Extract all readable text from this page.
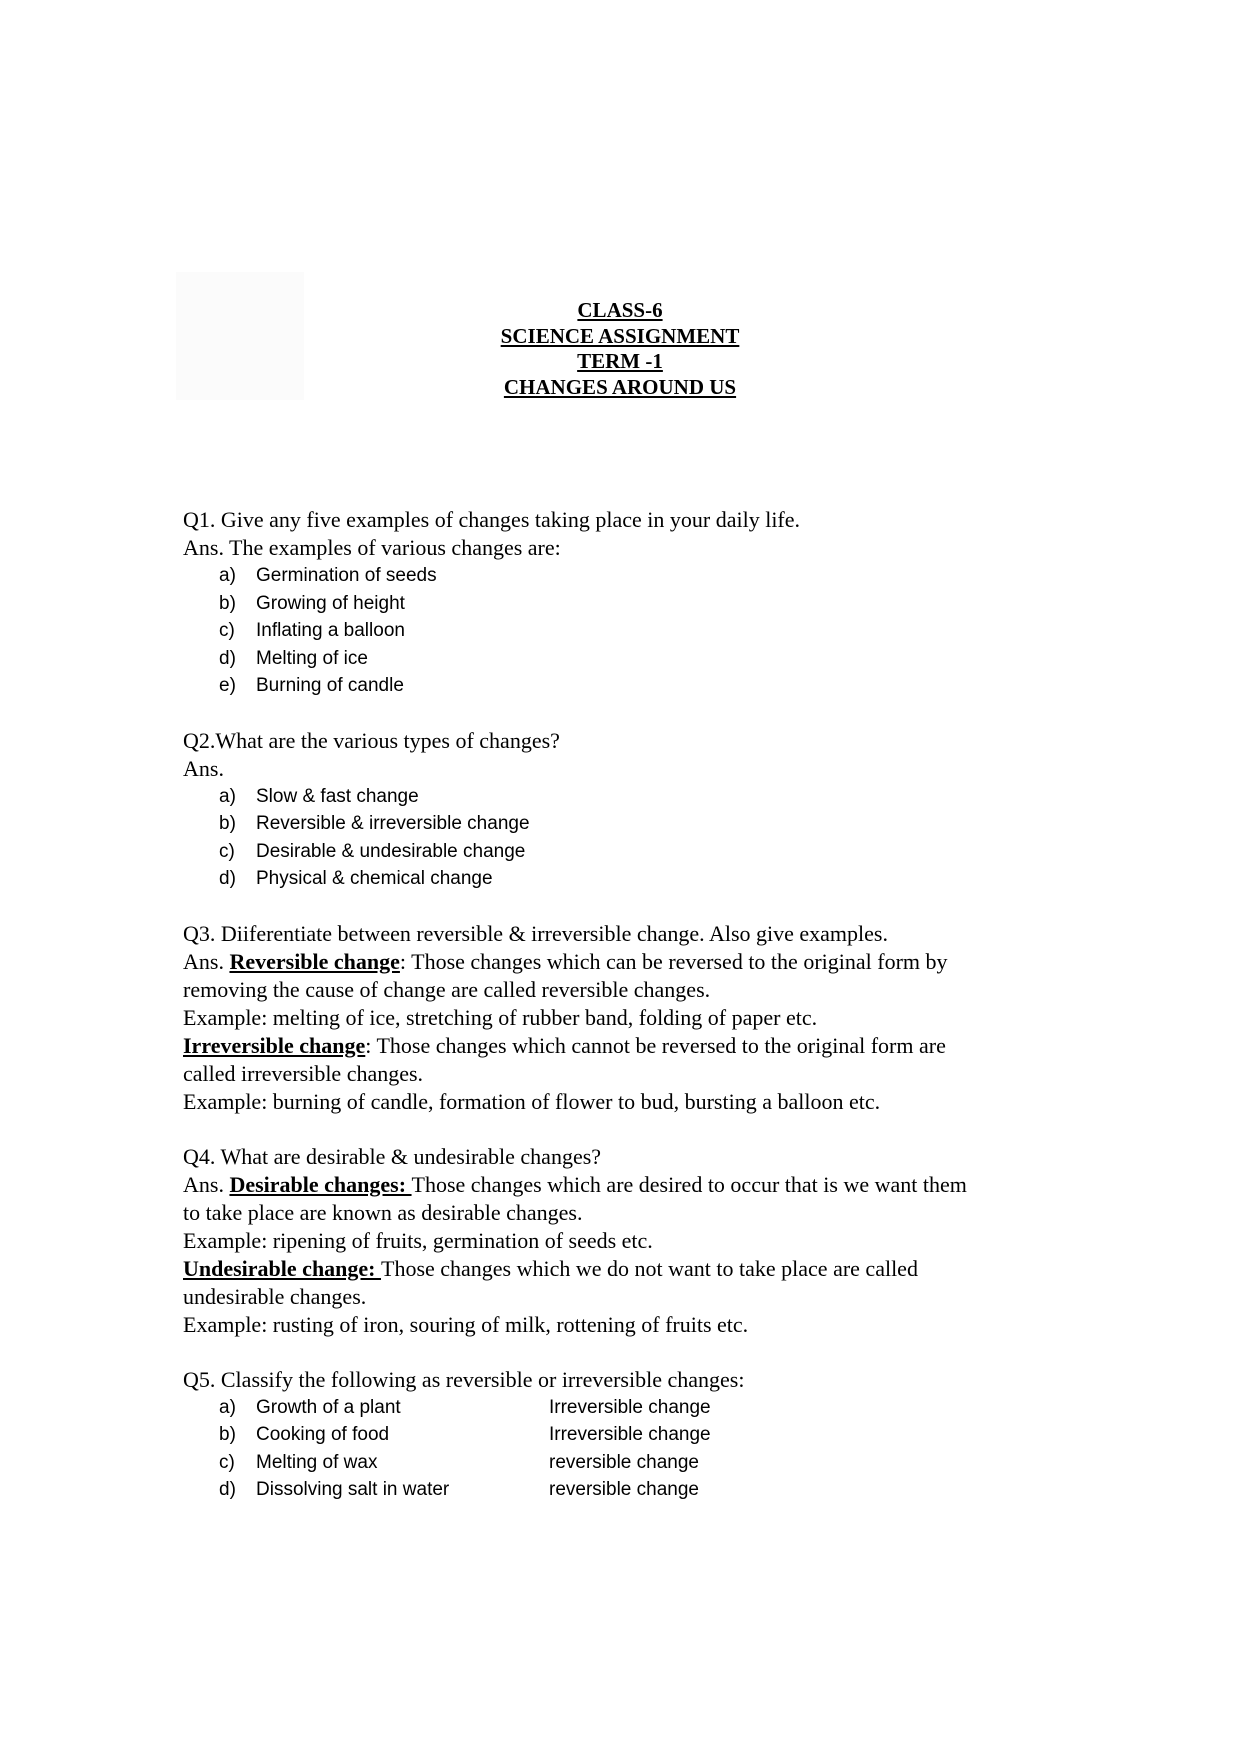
CLASS-6
SCIENCE ASSIGNMENT
TERM -1
CHANGES AROUND US
Q1. Give any five examples of changes taking place in your daily life.
Ans. The examples of various changes are:
a) Germination of seeds
b) Growing of height
c) Inflating a balloon
d) Melting of ice
e) Burning of candle
Q2.What are the various types of changes?
Ans.
a) Slow & fast change
b) Reversible & irreversible change
c) Desirable & undesirable change
d) Physical & chemical change
Q3. Diiferentiate between reversible & irreversible change. Also give examples.
Ans. Reversible change: Those changes which can be reversed to the original form by
removing the cause of change are called reversible changes.
Example: melting of ice, stretching of rubber band, folding of paper etc.
Irreversible change: Those changes which cannot be reversed to the original form are
called irreversible changes.
Example: burning of candle, formation of flower to bud, bursting a balloon etc.
Q4. What are desirable & undesirable changes?
Ans. Desirable changes: Those changes which are desired to occur that is we want them
to take place are known as desirable changes.
Example: ripening of fruits, germination of seeds etc.
Undesirable change: Those changes which we do not want to take place are called
undesirable changes.
Example: rusting of iron, souring of milk, rottening of fruits etc.
Q5. Classify the following as reversible or irreversible changes:
a) Growth of a plant	Irreversible change
b) Cooking of food	Irreversible change
c) Melting of wax	reversible change
d) Dissolving salt in water	reversible change
